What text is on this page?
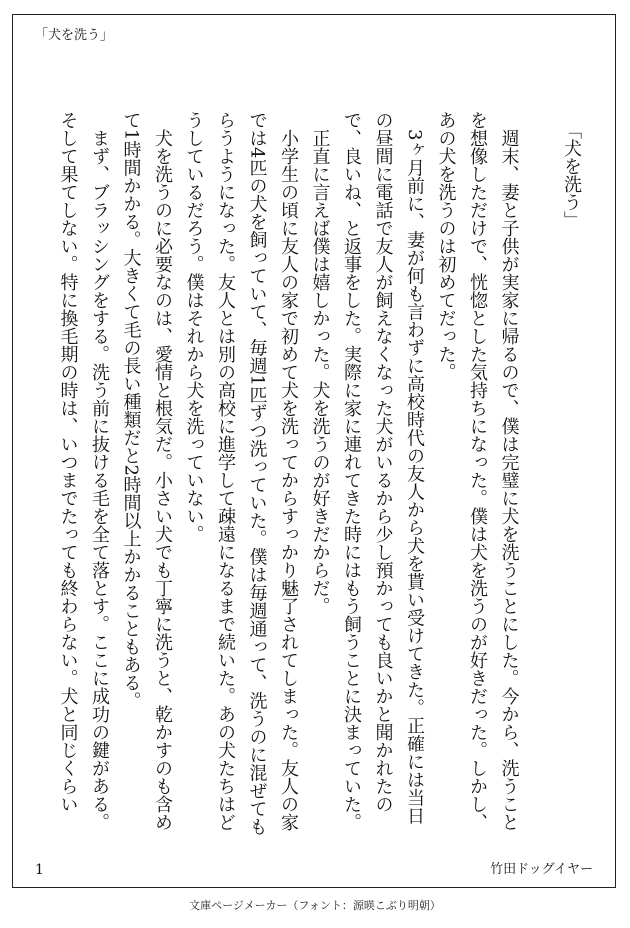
「犬を洗う」
「犬を洗う」

週末、妻と子供が実家に帰るので、僕は完璧に犬を洗うことにした。今から、洗うことを想像しただけで、恍惚とした気持ちになった。僕は犬を洗うのが好きだった。しかし、あの犬を洗うのは初めてだった。

3ヶ月前に、妻が何も言わずに高校時代の友人から犬を貰い受けてきた。正確には当日の昼間に電話で友人が飼えなくなった犬がいるから少し預かっても良いかと聞かれたので、良いね、と返事をした。実際に家に連れてきた時にはもう飼うことに決まっていた。

正直に言えば僕は嬉しかった。犬を洗うのが好きだからだ。

小学生の頃に友人の家で初めて犬を洗ってからすっかり魅了されてしまった。友人の家では4匹の犬を飼っていて、毎週1匹ずつ洗っていた。僕は毎週通って、洗うのに混ぜてもらうようになった。友人とは別の高校に進学して疎遠になるまで続いた。あの犬たちはどうしているだろう。僕はそれから犬を洗っていない。

犬を洗うのに必要なのは、愛情と根気だ。小さい犬でも丁寧に洗うと、乾かすのも含めて1時間かかる。大きくて毛の長い種類だと2時間以上かかることもある。

まず、ブラッシングをする。洗う前に抜ける毛を全て落とす。ここに成功の鍵がある。そして果てしない。特に換毛期の時は、いつまでたっても終わらない。犬と同じくらい

1	竹田ドッグイヤー
文庫ページメーカー（フォント：源暎こぶり明朝）
